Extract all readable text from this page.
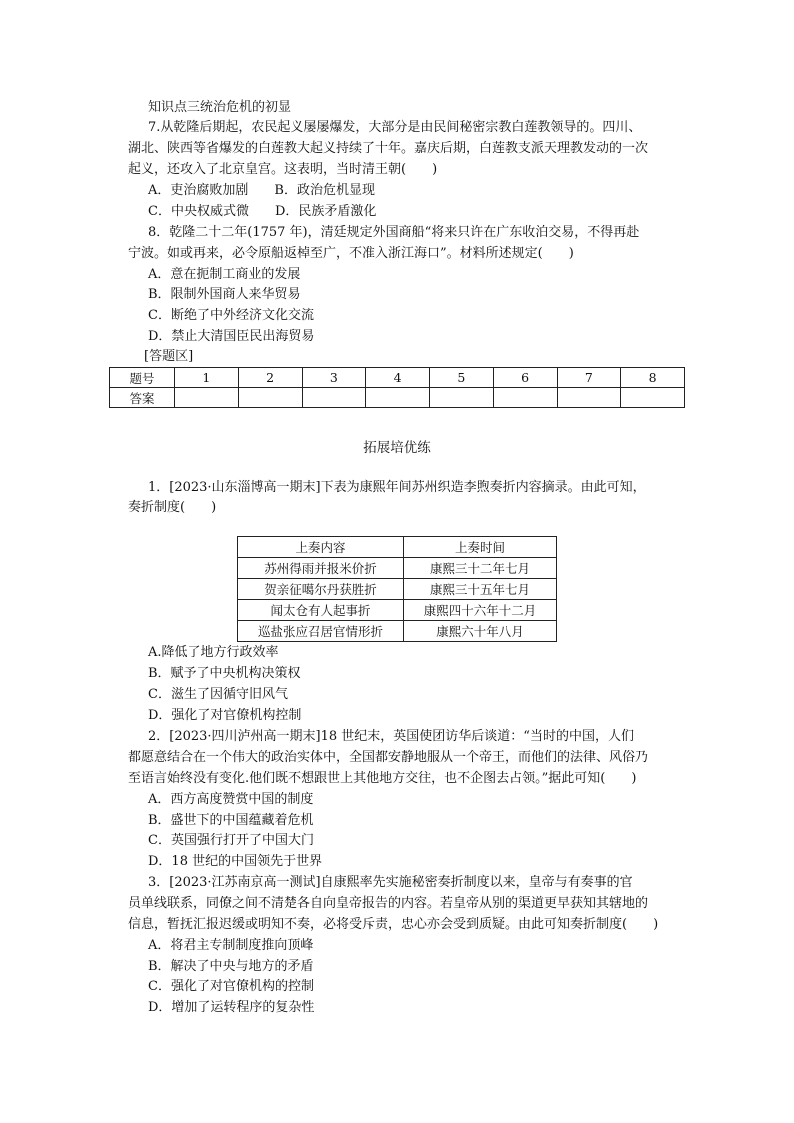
知识点三统治危机的初显
7.从乾隆后期起，农民起义屡屡爆发，大部分是由民间秘密宗教白莲教领导的。四川、
湖北、陕西等省爆发的白莲教大起义持续了十年。嘉庆后期，白莲教支派天理教发动的一次
起义，还攻入了北京皇宫。这表明，当时清王朝(　　)
A．吏治腐败加剧　　B．政治危机显现
C．中央权威式微　　D．民族矛盾激化
8．乾隆二十二年(1757 年)，清廷规定外国商船“将来只许在广东收泊交易，不得再赴
宁波。如或再来，必令原船返棹至广，不准入浙江海口”。材料所述规定(　　)
A．意在扼制工商业的发展
B．限制外国商人来华贸易
C．断绝了中外经济文化交流
D．禁止大清国臣民出海贸易
[答题区]
题号	1	2	3	4	5	6	7	8
答案								
拓展培优练
1．[2023·山东淄博高一期末]下表为康熙年间苏州织造李煦奏折内容摘录。由此可知，
奏折制度(　　)
上奏内容	上奏时间
苏州得雨并报米价折	康熙三十二年七月
贺亲征噶尔丹获胜折	康熙三十五年七月
闻太仓有人起事折	康熙四十六年十二月
巡盐张应召居官情形折	康熙六十年八月
A.降低了地方行政效率
B．赋予了中央机构决策权
C．滋生了因循守旧风气
D．强化了对官僚机构控制
2．[2023·四川泸州高一期末]18 世纪末，英国使团访华后谈道：“当时的中国，人们
都愿意结合在一个伟大的政治实体中，全国都安静地服从一个帝王，而他们的法律、风俗乃
至语言始终没有变化.他们既不想跟世上其他地方交往，也不企图去占领。”据此可知(　　)
A．西方高度赞赏中国的制度
B．盛世下的中国蕴藏着危机
C．英国强行打开了中国大门
D．18 世纪的中国领先于世界
3．[2023·江苏南京高一测试]自康熙率先实施秘密奏折制度以来，皇帝与有奏事的官
员单线联系，同僚之间不清楚各自向皇帝报告的内容。若皇帝从别的渠道更早获知其辖地的
信息，暂抚汇报迟缓或明知不奏，必将受斥责，忠心亦会受到质疑。由此可知奏折制度(　　)
A．将君主专制制度推向顶峰
B．解决了中央与地方的矛盾
C．强化了对官僚机构的控制
D．增加了运转程序的复杂性
